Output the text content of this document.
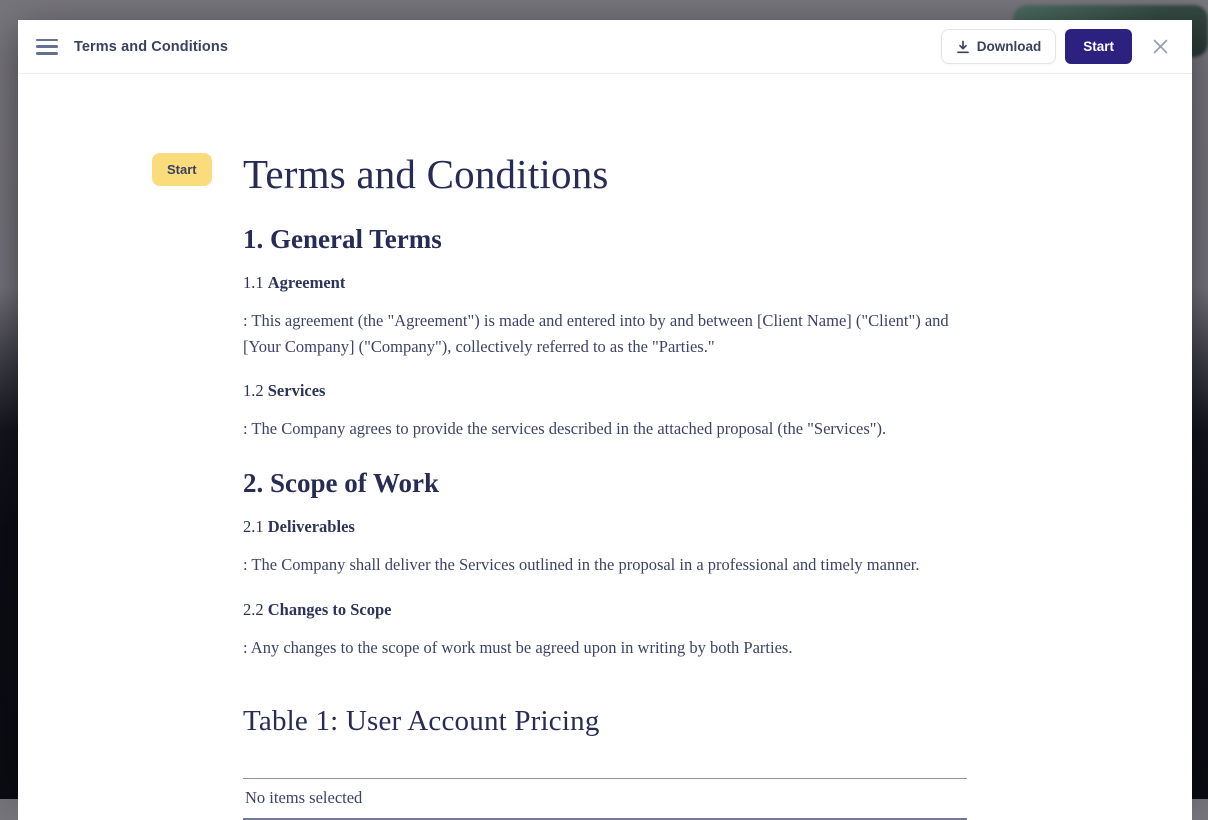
Terms and Conditions	Download	Start
Start	Terms and Conditions
1. General Terms
1.1 Agreement

: This agreement (the "Agreement") is made and entered into by and between [Client Name] ("Client") and [Your Company] ("Company"), collectively referred to as the "Parties."

1.2 Services

: The Company agrees to provide the services described in the attached proposal (the "Services").

2. Scope of Work
2.1 Deliverables

: The Company shall deliver the Services outlined in the proposal in a professional and timely manner.

2.2 Changes to Scope

: Any changes to the scope of work must be agreed upon in writing by both Parties.

Table 1: User Account Pricing
No items selected
